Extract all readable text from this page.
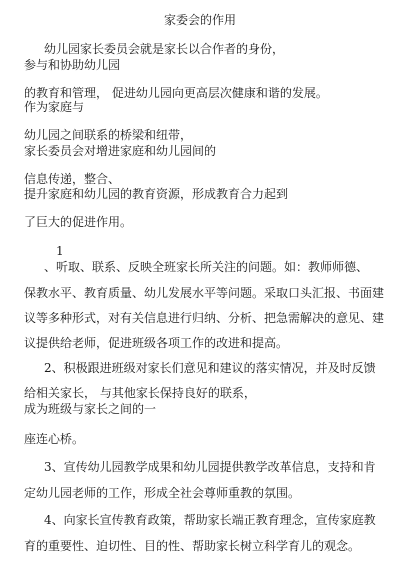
家委会的作用
幼儿园家长委员会就是家长以合作者的身份，
参与和协助幼儿园
的教育和管理， 促进幼儿园向更高层次健康和谐的发展。
作为家庭与
幼儿园之间联系的桥梁和纽带，
家长委员会对增进家庭和幼儿园间的
信息传递，整合、
提升家庭和幼儿园的教育资源，形成教育合力起到
了巨大的促进作用。
1
、听取、联系、反映全班家长所关注的问题。如：教师师德、
保教水平、教育质量、幼儿发展水平等问题。采取口头汇报、书面建
议等多种形式，对有关信息进行归纳、分析、把急需解决的意见、建
议提供给老师，促进班级各项工作的改进和提高。
2、积极跟进班级对家长们意见和建议的落实情况，并及时反馈
给相关家长， 与其他家长保持良好的联系，
成为班级与家长之间的一
座连心桥。
3、宣传幼儿园教学成果和幼儿园提供教学改革信息，支持和肯
定幼儿园老师的工作，形成全社会尊师重教的氛围。
4、向家长宣传教育政策，帮助家长端正教育理念，宣传家庭教
育的重要性、迫切性、目的性、帮助家长树立科学育儿的观念。
